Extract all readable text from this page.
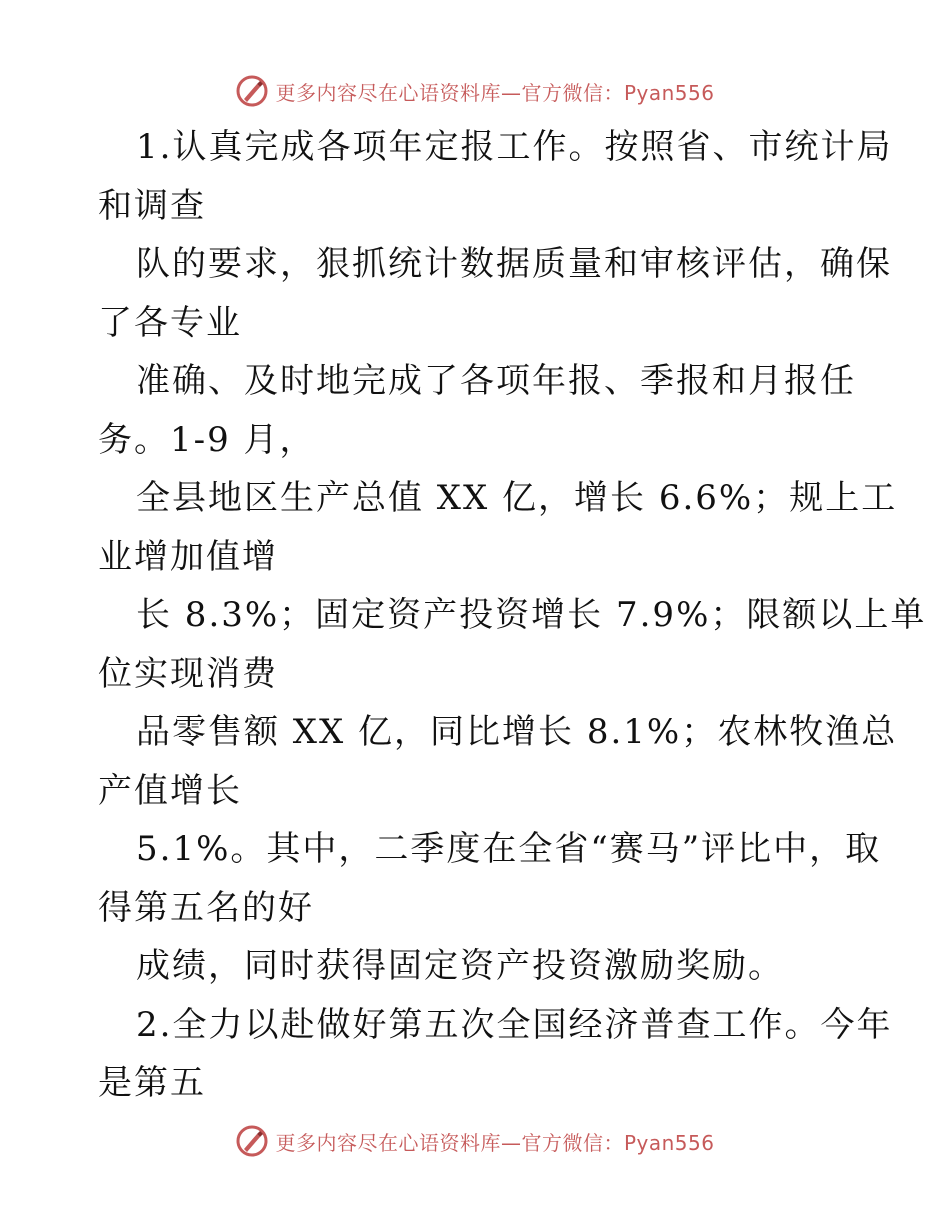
更多内容尽在心语资料库—官方微信：Pyan556
1.认真完成各项年定报工作。按照省、市统计局
和调查
队的要求，狠抓统计数据质量和审核评估，确保
了各专业
准确、及时地完成了各项年报、季报和月报任
务。1-9 月，
全县地区生产总值 XX 亿，增长 6.6%；规上工
业增加值增
长 8.3%；固定资产投资增长 7.9%；限额以上单
位实现消费
品零售额 XX 亿，同比增长 8.1%；农林牧渔总
产值增长
5.1%。其中，二季度在全省“赛马”评比中，取
得第五名的好
成绩，同时获得固定资产投资激励奖励。
2.全力以赴做好第五次全国经济普查工作。今年
是第五
更多内容尽在心语资料库—官方微信：Pyan556
